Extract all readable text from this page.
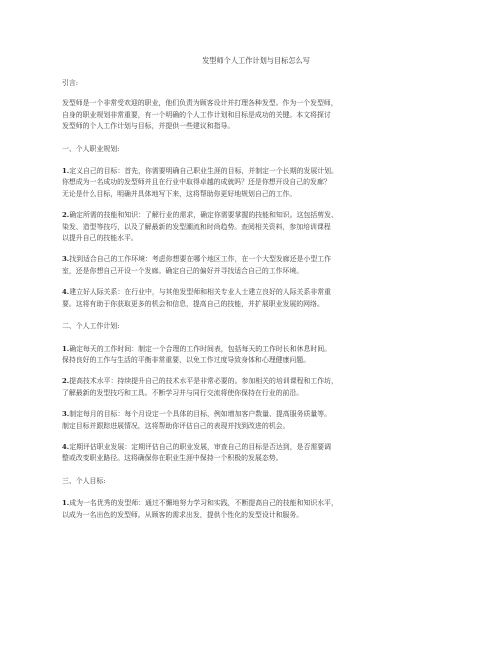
发型师个人工作计划与目标怎么写
引言:
发型师是一个非常受欢迎的职业，他们负责为顾客设计并打理各种发型。作为一个发型师，
自身的职业规划非常重要，有一个明确的个人工作计划和目标是成功的关键。本文将探讨
发型师的个人工作计划与目标，并提供一些建议和指导。
一、个人职业规划:
1.定义自己的目标：首先，你需要明确自己职业生涯的目标，并制定一个长期的发展计划。
你想成为一名成功的发型师并且在行业中取得卓越的成就吗？还是你想开设自己的发廊？
无论是什么目标，明确并具体地写下来，这将帮助你更好地规划自己的工作。
2.确定所需的技能和知识：了解行业的需求，确定你需要掌握的技能和知识。这包括剪发、
染发、造型等技巧，以及了解最新的发型潮流和时尚趋势。查阅相关资料，参加培训课程
以提升自己的技能水平。
3.找到适合自己的工作环境：考虑你想要在哪个地区工作，在一个大型发廊还是小型工作
室，还是你想自己开设一个发廊。确定自己的偏好并寻找适合自己的工作环境。
4.建立好人际关系：在行业中，与其他发型师和相关专业人士建立良好的人际关系非常重
要。这将有助于你获取更多的机会和信息，提高自己的技能，并扩展职业发展的网络。
二、个人工作计划:
1.确定每天的工作时间：制定一个合理的工作时间表，包括每天的工作时长和休息时间。
保持良好的工作与生活的平衡非常重要，以免工作过度导致身体和心理健康问题。
2.提高技术水平：持续提升自己的技术水平是非常必要的。参加相关的培训课程和工作坊，
了解最新的发型技巧和工具。不断学习并与同行交流将使你保持在行业的前沿。
3.制定每月的目标：每个月设定一个具体的目标，例如增加客户数量、提高服务质量等。
制定目标并跟踪进展情况，这将帮助你评估自己的表现并找到改进的机会。
4.定期评估职业发展：定期评估自己的职业发展，审查自己的目标是否达到，是否需要调
整或改变职业路径。这将确保你在职业生涯中保持一个积极的发展态势。
三、个人目标:
1.成为一名优秀的发型师：通过不懈地努力学习和实践，不断提高自己的技能和知识水平，
以成为一名出色的发型师。从顾客的需求出发，提供个性化的发型设计和服务。
